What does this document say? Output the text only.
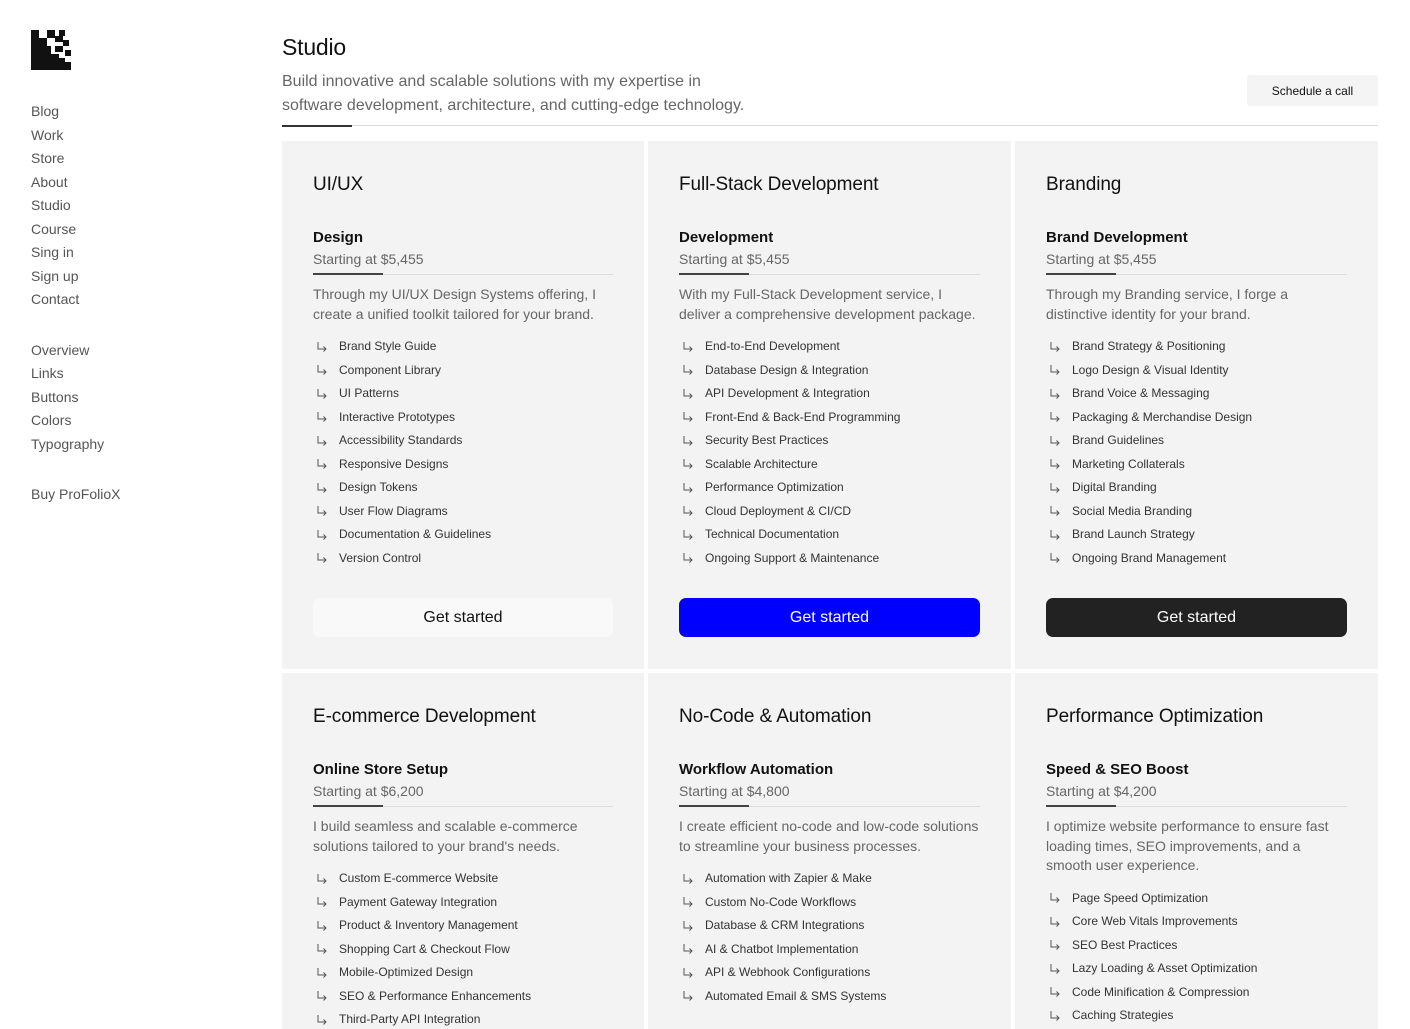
Blog
Work
Store
About
Studio
Course
Sing in
Sign up
Contact
Overview
Links
Buttons
Colors
Typography
Buy ProFolioX
Studio

Build innovative and scalable solutions with my expertise in software development, architecture, and cutting-edge technology.

Schedule a call
UI/UX
Design
Starting at $5,455

Through my UI/UX Design Systems offering, I create a unified toolkit tailored for your brand.

Brand Style Guide
Component Library
UI Patterns
Interactive Prototypes
Accessibility Standards
Responsive Designs
Design Tokens
User Flow Diagrams
Documentation & Guidelines
Version Control
Get started
Full-Stack Development
Development
Starting at $5,455

With my Full-Stack Development service, I deliver a comprehensive development package.

End-to-End Development
Database Design & Integration
API Development & Integration
Front-End & Back-End Programming
Security Best Practices
Scalable Architecture
Performance Optimization
Cloud Deployment & CI/CD
Technical Documentation
Ongoing Support & Maintenance
Get started
Branding
Brand Development
Starting at $5,455

Through my Branding service, I forge a distinctive identity for your brand.

Brand Strategy & Positioning
Logo Design & Visual Identity
Brand Voice & Messaging
Packaging & Merchandise Design
Brand Guidelines
Marketing Collaterals
Digital Branding
Social Media Branding
Brand Launch Strategy
Ongoing Brand Management
Get started
E-commerce Development
Online Store Setup
Starting at $6,200

I build seamless and scalable e-commerce solutions tailored to your brand's needs.

Custom E-commerce Website
Payment Gateway Integration
Product & Inventory Management
Shopping Cart & Checkout Flow
Mobile-Optimized Design
SEO & Performance Enhancements
Third-Party API Integration
No-Code & Automation
Workflow Automation
Starting at $4,800

I create efficient no-code and low-code solutions to streamline your business processes.

Automation with Zapier & Make
Custom No-Code Workflows
Database & CRM Integrations
AI & Chatbot Implementation
API & Webhook Configurations
Automated Email & SMS Systems
Performance Optimization
Speed & SEO Boost
Starting at $4,200

I optimize website performance to ensure fast loading times, SEO improvements, and a smooth user experience.

Page Speed Optimization
Core Web Vitals Improvements
SEO Best Practices
Lazy Loading & Asset Optimization
Code Minification & Compression
Caching Strategies
